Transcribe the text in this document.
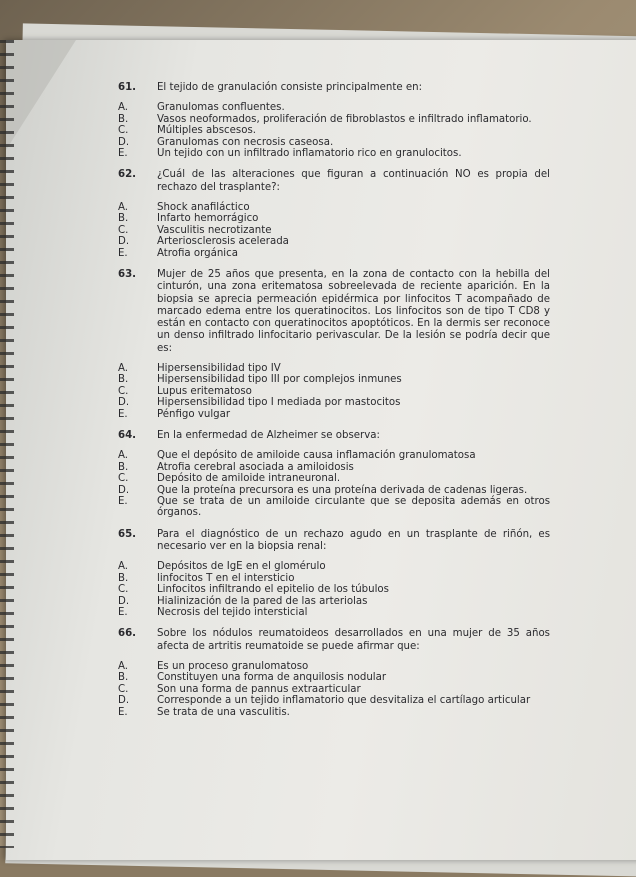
61.	El tejido de granulación consiste principalmente en:
A.	Granulomas confluentes.
B.	Vasos neoformados, proliferación de fibroblastos e infiltrado inflamatorio.
C.	Múltiples abscesos.
D.	Granulomas con necrosis caseosa.
E.	Un tejido con un infiltrado inflamatorio rico en granulocitos.
62.	¿Cuál de las alteraciones que figuran a continuación NO es propia del rechazo del trasplante?:
A.	Shock anafiláctico
B.	Infarto hemorrágico
C.	Vasculitis necrotizante
D.	Arteriosclerosis acelerada
E.	Atrofia orgánica
63.	Mujer de 25 años que presenta, en la zona de contacto con la hebilla del cinturón, una zona eritematosa sobreelevada de reciente aparición. En la biopsia se aprecia permeación epidérmica por linfocitos T acompañado de marcado edema entre los queratinocitos. Los linfocitos son de tipo T CD8 y están en contacto con queratinocitos apoptóticos. En la dermis ser reconoce un denso infiltrado linfocitario perivascular. De la lesión se podría decir que es:
A.	Hipersensibilidad tipo IV
B.	Hipersensibilidad tipo III por complejos inmunes
C.	Lupus eritematoso
D.	Hipersensibilidad tipo I mediada por mastocitos
E.	Pénfigo vulgar
64.	En la enfermedad de Alzheimer se observa:
A.	Que el depósito de amiloide causa inflamación granulomatosa
B.	Atrofia cerebral asociada a amiloidosis
C.	Depósito de amiloide intraneuronal.
D.	Que la proteína precursora es una proteína derivada de cadenas ligeras.
E.	Que se trata de un amiloide circulante que se deposita además en otros órganos.
65.	Para el diagnóstico de un rechazo agudo en un trasplante de riñón, es necesario ver en la biopsia renal:
A.	Depósitos de IgE en el glomérulo
B.	linfocitos T en el intersticio
C.	Linfocitos infiltrando el epitelio de los túbulos
D.	Hialinización de la pared de las arteriolas
E.	Necrosis del tejido intersticial
66.	Sobre los nódulos reumatoideos desarrollados en una mujer de 35 años afecta de artritis reumatoide se puede afirmar que:
A.	Es un proceso granulomatoso
B.	Constituyen una forma de anquilosis nodular
C.	Son una forma de pannus extraarticular
D.	Corresponde a un tejido inflamatorio que desvitaliza el cartílago articular
E.	Se trata de una vasculitis.
